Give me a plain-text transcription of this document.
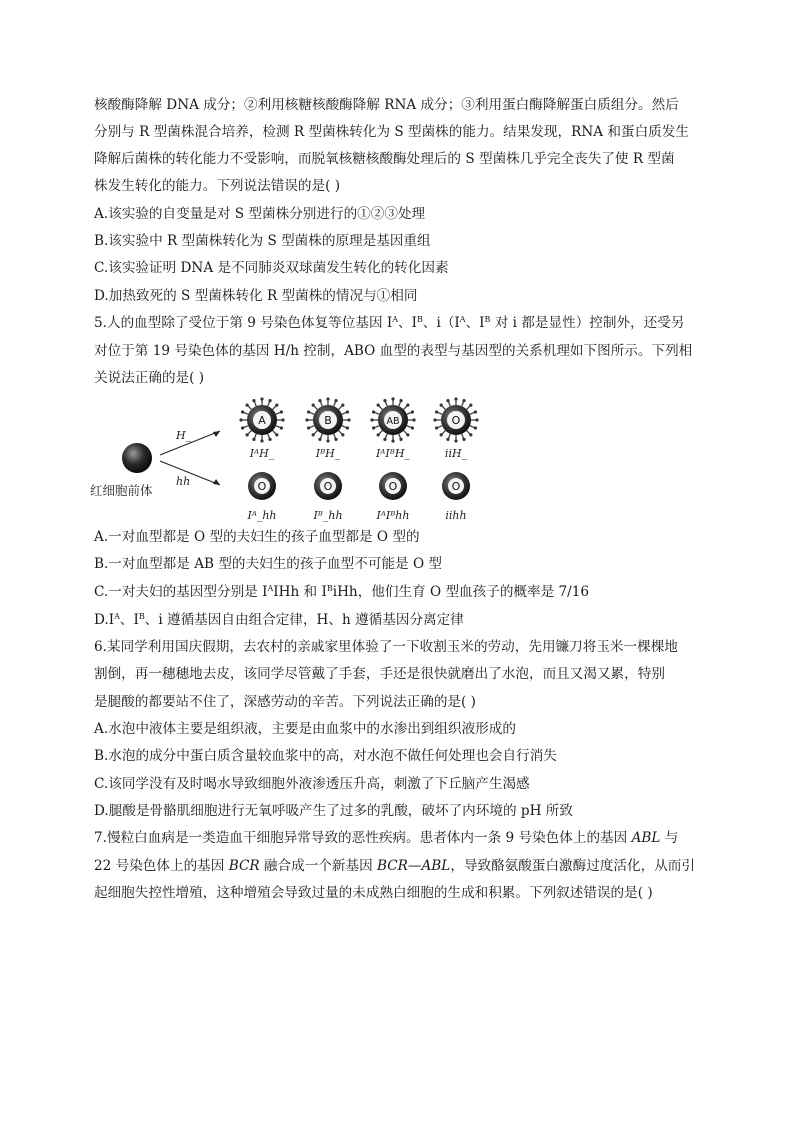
核酸酶降解 DNA 成分；②利用核糖核酸酶降解 RNA 成分；③利用蛋白酶降解蛋白质组分。然后
分别与 R 型菌株混合培养，检测 R 型菌株转化为 S 型菌株的能力。结果发现，RNA 和蛋白质发生
降解后菌株的转化能力不受影响，而脱氧核糖核酸酶处理后的 S 型菌株几乎完全丧失了使 R 型菌
株发生转化的能力。下列说法错误的是( )
A.该实验的自变量是对 S 型菌株分别进行的①②③处理
B.该实验中 R 型菌株转化为 S 型菌株的原理是基因重组
C.该实验证明 DNA 是不同肺炎双球菌发生转化的转化因素
D.加热致死的 S 型菌株转化 R 型菌株的情况与①相同
5.人的血型除了受位于第 9 号染色体复等位基因 $I^A$、$I^B$、$i(I^A$、$I^B$ 对 i 都是显性）控制外，还受另
对位于第 19 号染色体的基因 H/h 控制，ABO 血型的表型与基因型的关系机理如下图所示。下列相
关说法正确的是( )
红细胞前体
H_
hh
A
IᴬH_
B
IᴮH_
AB
IᴬIᴮH_
O
iiH_
O
Iᴬ_hh
O
Iᴮ_hh
O
IᴬIᴮhh
O
iihh
A.一对血型都是 O 型的夫妇生的孩子血型都是 O 型的
B.一对血型都是 AB 型的夫妇生的孩子血型不可能是 O 型
C.一对夫妇的基因型分别是 $I^AIHh$ 和 $I^BiHh$，他们生育 O 型血孩子的概率是 7/16
$D.I^A$、$I^B$、i 遵循基因自由组合定律，H、h 遵循基因分离定律
6.某同学利用国庆假期，去农村的亲戚家里体验了一下收割玉米的劳动，先用镰刀将玉米一棵棵地
割倒，再一穗穗地去皮，该同学尽管戴了手套，手还是很快就磨出了水泡，而且又渴又累，特别
是腿酸的都要站不住了，深感劳动的辛苦。下列说法正确的是( )
A.水泡中液体主要是组织液，主要是由血浆中的水渗出到组织液形成的
B.水泡的成分中蛋白质含量较血浆中的高，对水泡不做任何处理也会自行消失
C.该同学没有及时喝水导致细胞外液渗透压升高，刺激了下丘脑产生渴感
D.腿酸是骨骼肌细胞进行无氧呼吸产生了过多的乳酸，破坏了内环境的 pH 所致
7.慢粒白血病是一类造血干细胞异常导致的恶性疾病。患者体内一条 9 号染色体上的基因 ABL 与
22 号染色体上的基因 BCR 融合成一个新基因 BCR—ABL，导致酪氨酸蛋白激酶过度活化，从而引
起细胞失控性增殖，这种增殖会导致过量的未成熟白细胞的生成和积累。下列叙述错误的是( )
